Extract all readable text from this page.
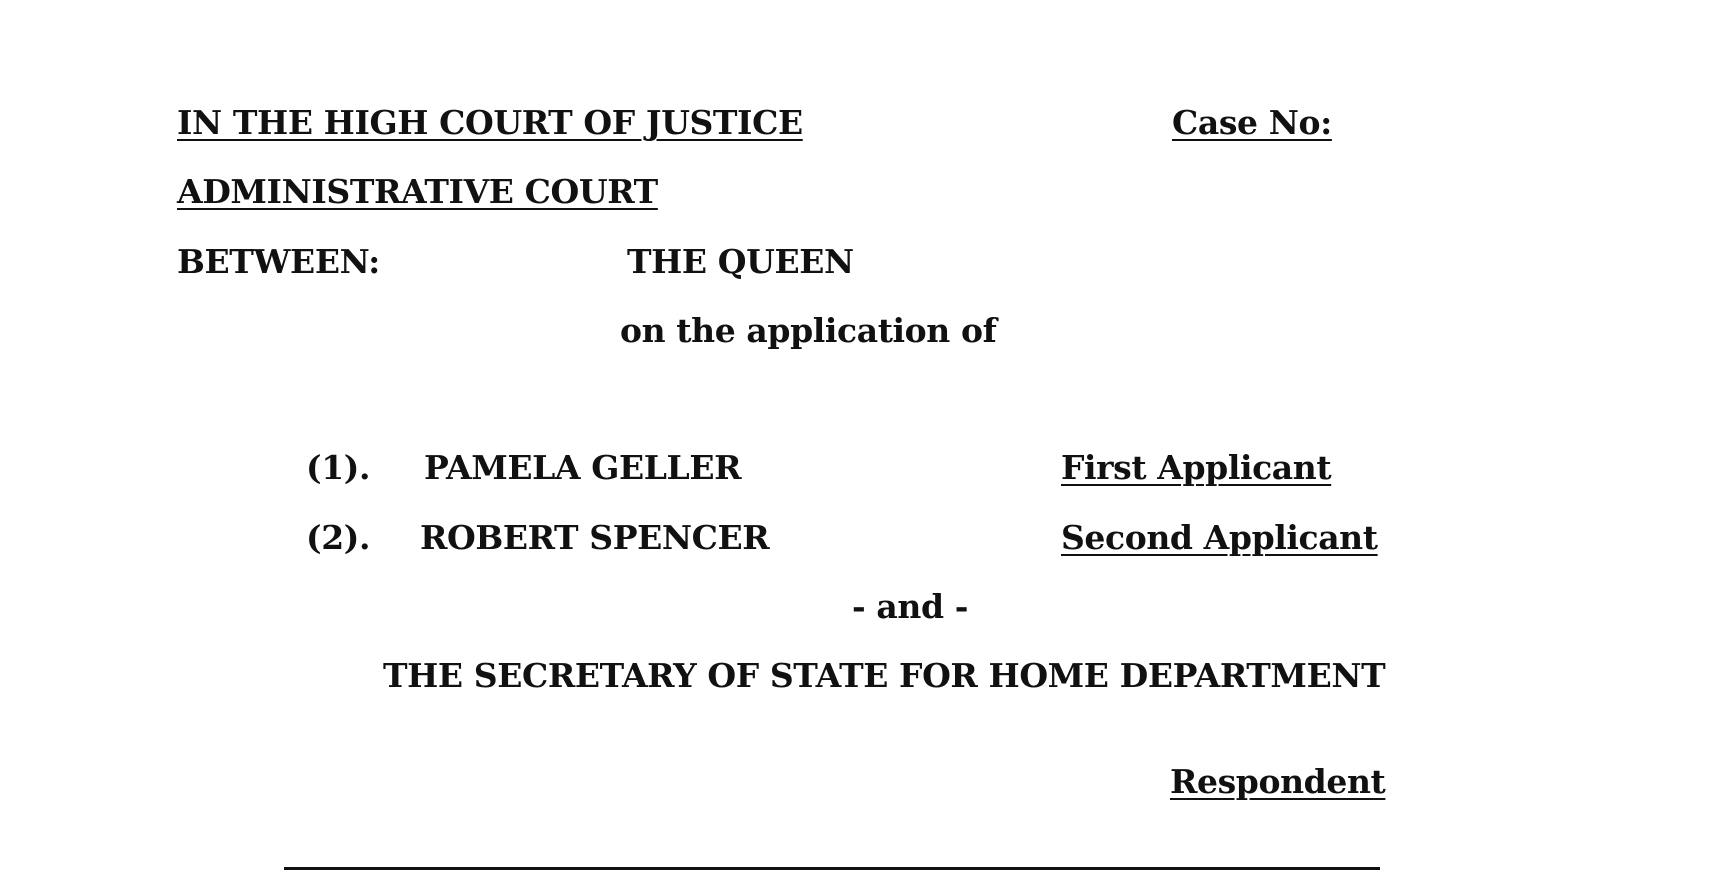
IN THE HIGH COURT OF JUSTICE	Case No:
ADMINISTRATIVE COURT
BETWEEN:	THE QUEEN
on the application of
(1). PAMELA GELLER	First Applicant
(2). ROBERT SPENCER	Second Applicant
- and -
THE SECRETARY OF STATE FOR HOME DEPARTMENT
Respondent
